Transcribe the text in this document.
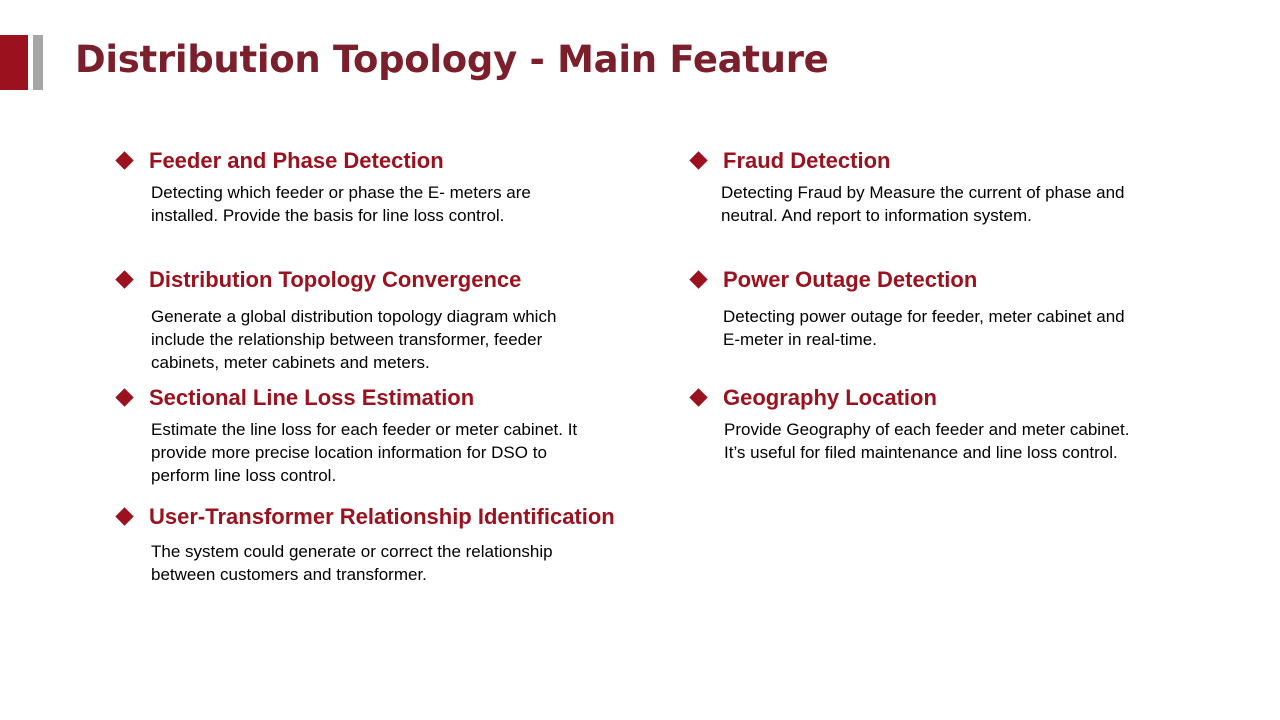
Distribution Topology - Main Feature
Feeder and Phase Detection
Detecting which feeder or phase the E- meters are installed. Provide the basis for line loss control.
Distribution Topology Convergence
Generate a global distribution topology diagram which include the relationship between transformer, feeder cabinets, meter cabinets and meters.
Sectional Line Loss Estimation
Estimate the line loss for each feeder or meter cabinet. It provide more precise location information for DSO to perform line loss control.
User-Transformer Relationship Identification
The system could generate or correct the relationship between customers and transformer.
Fraud Detection
Detecting Fraud by Measure the current of phase and neutral. And report to information system.
Power Outage Detection
Detecting power outage for feeder, meter cabinet and E-meter in real-time.
Geography Location
Provide Geography of each feeder and meter cabinet. It’s useful for filed maintenance and line loss control.
